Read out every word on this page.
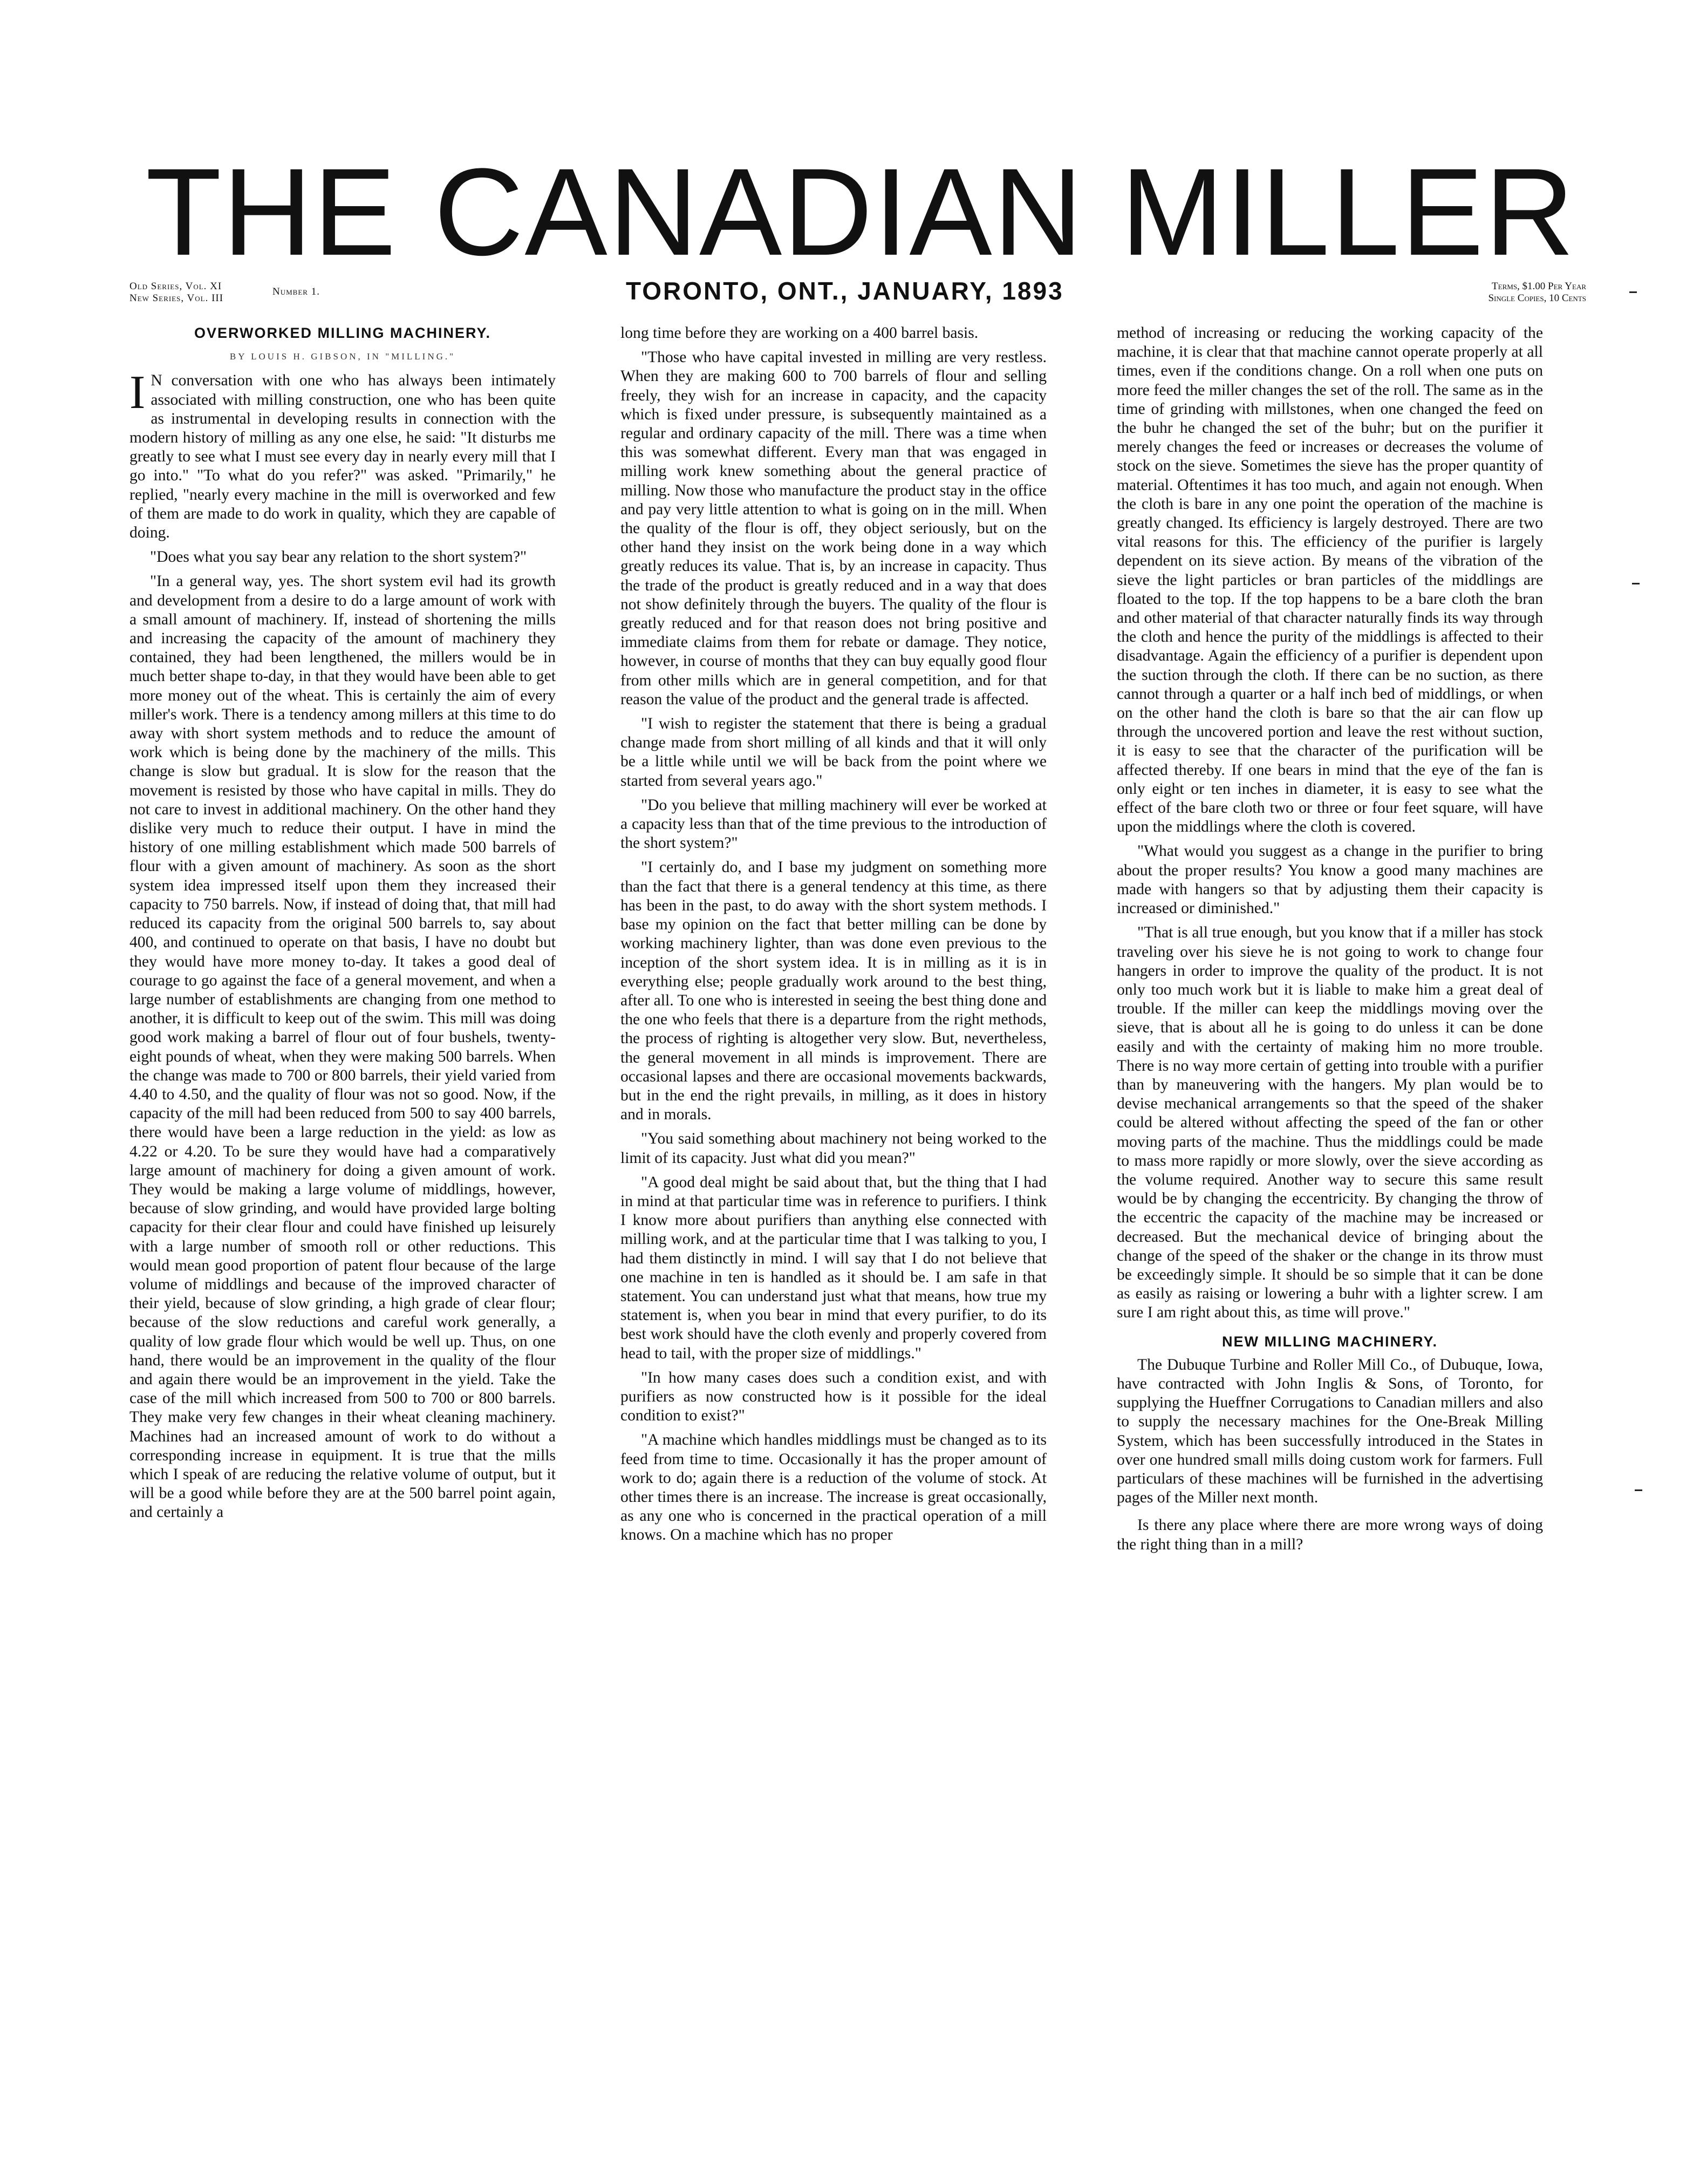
THE CANADIAN MILLER
Old Series, Vol. XI
New Series, Vol. III
Number 1.	TORONTO, ONT., JANUARY, 1893	Terms, $1.00 Per Year
Single Copies, 10 Cents
OVERWORKED MILLING MACHINERY.
BY LOUIS H. GIBSON, IN "MILLING."

I N conversation with one who has always been intimately associated with milling construction, one who has been quite as instrumental in developing results in connection with the modern history of milling as any one else, he said: "It disturbs me greatly to see what I must see every day in nearly every mill that I go into." "To what do you refer?" was asked. "Primarily," he replied, "nearly every machine in the mill is overworked and few of them are made to do work in quality, which they are capable of doing.

"Does what you say bear any relation to the short system?"

"In a general way, yes. The short system evil had its growth and development from a desire to do a large amount of work with a small amount of machinery. If, instead of shortening the mills and increasing the capacity of the amount of machinery they contained, they had been lengthened, the millers would be in much better shape to-day, in that they would have been able to get more money out of the wheat. This is certainly the aim of every miller's work. There is a tendency among millers at this time to do away with short system methods and to reduce the amount of work which is being done by the machinery of the mills. This change is slow but gradual. It is slow for the reason that the movement is resisted by those who have capital in mills. They do not care to invest in additional machinery. On the other hand they dislike very much to reduce their output. I have in mind the history of one milling establishment which made 500 barrels of flour with a given amount of machinery. As soon as the short system idea impressed itself upon them they increased their capacity to 750 barrels. Now, if instead of doing that, that mill had reduced its capacity from the original 500 barrels to, say about 400, and continued to operate on that basis, I have no doubt but they would have more money to-day. It takes a good deal of courage to go against the face of a general movement, and when a large number of establishments are changing from one method to another, it is difficult to keep out of the swim. This mill was doing good work making a barrel of flour out of four bushels, twenty-eight pounds of wheat, when they were making 500 barrels. When the change was made to 700 or 800 barrels, their yield varied from 4.40 to 4.50, and the quality of flour was not so good. Now, if the capacity of the mill had been reduced from 500 to say 400 barrels, there would have been a large reduction in the yield: as low as 4.22 or 4.20. To be sure they would have had a comparatively large amount of machinery for doing a given amount of work. They would be making a large volume of middlings, however, because of slow grinding, and would have provided large bolting capacity for their clear flour and could have finished up leisurely with a large number of smooth roll or other reductions. This would mean good proportion of patent flour because of the large volume of middlings and because of the improved character of their yield, because of slow grinding, a high grade of clear flour; because of the slow reductions and careful work generally, a quality of low grade flour which would be well up. Thus, on one hand, there would be an improvement in the quality of the flour and again there would be an improvement in the yield. Take the case of the mill which increased from 500 to 700 or 800 barrels. They make very few changes in their wheat cleaning machinery. Machines had an increased amount of work to do without a corresponding increase in equipment. It is true that the mills which I speak of are reducing the relative volume of output, but it will be a good while before they are at the 500 barrel point again, and certainly a

long time before they are working on a 400 barrel basis.

"Those who have capital invested in milling are very restless. When they are making 600 to 700 barrels of flour and selling freely, they wish for an increase in capacity, and the capacity which is fixed under pressure, is subsequently maintained as a regular and ordinary capacity of the mill. There was a time when this was somewhat different. Every man that was engaged in milling work knew something about the general practice of milling. Now those who manufacture the product stay in the office and pay very little attention to what is going on in the mill. When the quality of the flour is off, they object seriously, but on the other hand they insist on the work being done in a way which greatly reduces its value. That is, by an increase in capacity. Thus the trade of the product is greatly reduced and in a way that does not show definitely through the buyers. The quality of the flour is greatly reduced and for that reason does not bring positive and immediate claims from them for rebate or damage. They notice, however, in course of months that they can buy equally good flour from other mills which are in general competition, and for that reason the value of the product and the general trade is affected.

"I wish to register the statement that there is being a gradual change made from short milling of all kinds and that it will only be a little while until we will be back from the point where we started from several years ago."

"Do you believe that milling machinery will ever be worked at a capacity less than that of the time previous to the introduction of the short system?"

"I certainly do, and I base my judgment on something more than the fact that there is a general tendency at this time, as there has been in the past, to do away with the short system methods. I base my opinion on the fact that better milling can be done by working machinery lighter, than was done even previous to the inception of the short system idea. It is in milling as it is in everything else; people gradually work around to the best thing, after all. To one who is interested in seeing the best thing done and the one who feels that there is a departure from the right methods, the process of righting is altogether very slow. But, nevertheless, the general movement in all minds is improvement. There are occasional lapses and there are occasional movements backwards, but in the end the right prevails, in milling, as it does in history and in morals.

"You said something about machinery not being worked to the limit of its capacity. Just what did you mean?"

"A good deal might be said about that, but the thing that I had in mind at that particular time was in reference to purifiers. I think I know more about purifiers than anything else connected with milling work, and at the particular time that I was talking to you, I had them distinctly in mind. I will say that I do not believe that one machine in ten is handled as it should be. I am safe in that statement. You can understand just what that means, how true my statement is, when you bear in mind that every purifier, to do its best work should have the cloth evenly and properly covered from head to tail, with the proper size of middlings."

"In how many cases does such a condition exist, and with purifiers as now constructed how is it possible for the ideal condition to exist?"

"A machine which handles middlings must be changed as to its feed from time to time. Occasionally it has the proper amount of work to do; again there is a reduction of the volume of stock. At other times there is an increase. The increase is great occasionally, as any one who is concerned in the practical operation of a mill knows. On a machine which has no proper

method of increasing or reducing the working capacity of the machine, it is clear that that machine cannot operate properly at all times, even if the conditions change. On a roll when one puts on more feed the miller changes the set of the roll. The same as in the time of grinding with millstones, when one changed the feed on the buhr he changed the set of the buhr; but on the purifier it merely changes the feed or increases or decreases the volume of stock on the sieve. Sometimes the sieve has the proper quantity of material. Oftentimes it has too much, and again not enough. When the cloth is bare in any one point the operation of the machine is greatly changed. Its efficiency is largely destroyed. There are two vital reasons for this. The efficiency of the purifier is largely dependent on its sieve action. By means of the vibration of the sieve the light particles or bran particles of the middlings are floated to the top. If the top happens to be a bare cloth the bran and other material of that character naturally finds its way through the cloth and hence the purity of the middlings is affected to their disadvantage. Again the efficiency of a purifier is dependent upon the suction through the cloth. If there can be no suction, as there cannot through a quarter or a half inch bed of middlings, or when on the other hand the cloth is bare so that the air can flow up through the uncovered portion and leave the rest without suction, it is easy to see that the character of the purification will be affected thereby. If one bears in mind that the eye of the fan is only eight or ten inches in diameter, it is easy to see what the effect of the bare cloth two or three or four feet square, will have upon the middlings where the cloth is covered.

"What would you suggest as a change in the purifier to bring about the proper results? You know a good many machines are made with hangers so that by adjusting them their capacity is increased or diminished."

"That is all true enough, but you know that if a miller has stock traveling over his sieve he is not going to work to change four hangers in order to improve the quality of the product. It is not only too much work but it is liable to make him a great deal of trouble. If the miller can keep the middlings moving over the sieve, that is about all he is going to do unless it can be done easily and with the certainty of making him no more trouble. There is no way more certain of getting into trouble with a purifier than by maneuvering with the hangers. My plan would be to devise mechanical arrangements so that the speed of the shaker could be altered without affecting the speed of the fan or other moving parts of the machine. Thus the middlings could be made to mass more rapidly or more slowly, over the sieve according as the volume required. Another way to secure this same result would be by changing the eccentricity. By changing the throw of the eccentric the capacity of the machine may be increased or decreased. But the mechanical device of bringing about the change of the speed of the shaker or the change in its throw must be exceedingly simple. It should be so simple that it can be done as easily as raising or lowering a buhr with a lighter screw. I am sure I am right about this, as time will prove."

NEW MILLING MACHINERY.

The Dubuque Turbine and Roller Mill Co., of Dubuque, Iowa, have contracted with John Inglis & Sons, of Toronto, for supplying the Hueffner Corrugations to Canadian millers and also to supply the necessary machines for the One-Break Milling System, which has been successfully introduced in the States in over one hundred small mills doing custom work for farmers. Full particulars of these machines will be furnished in the advertising pages of the Miller next month.

Is there any place where there are more wrong ways of doing the right thing than in a mill?
